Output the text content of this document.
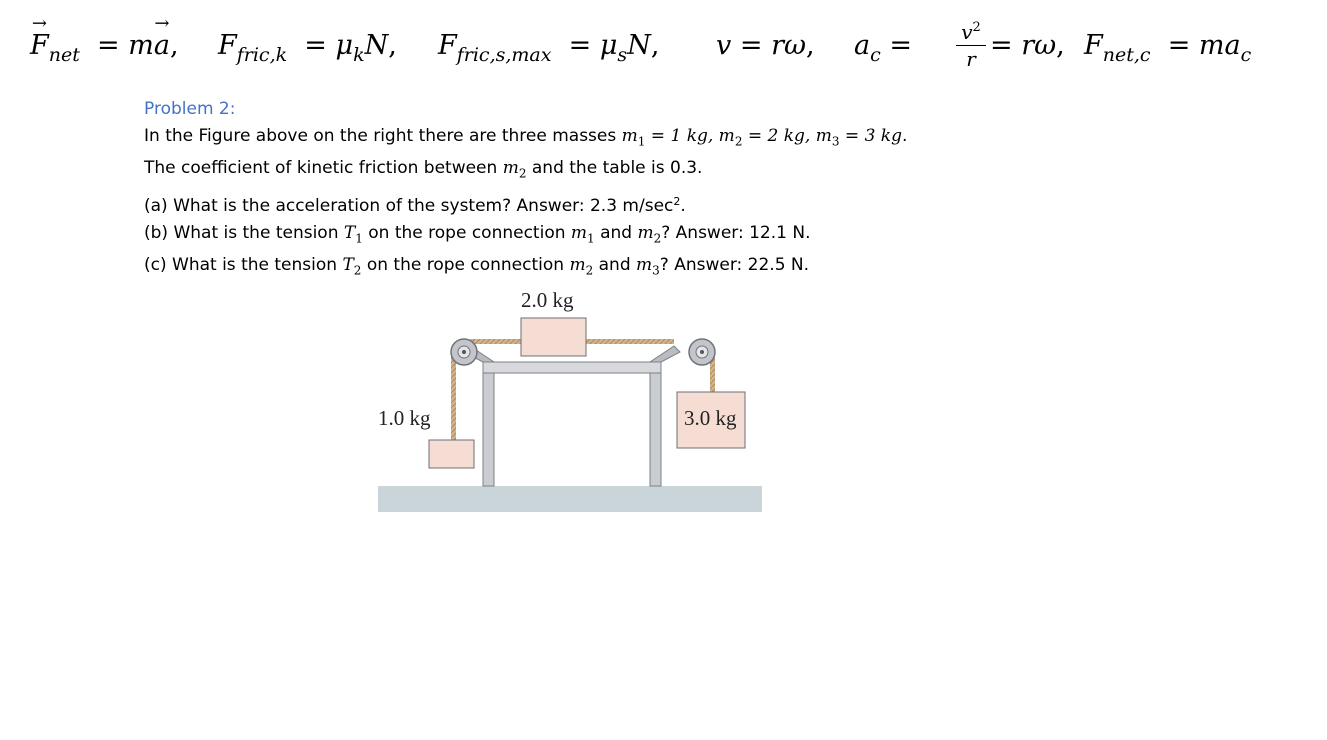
→ $F_{net} = m\to a$, $F_{fric,k} = \mu_kN$, $F_{fric,s,max} = \mu_sN$, v = rω, $a_c = \frac{v^2}{r} = r\omega$, $F_{net,c} = ma_c$
Problem 2:
In the Figure above on the right there are three masses $m_1 = 1$ kg, $m_2 = 2$ kg, $m_3 = 3$ kg.
The coefficient of kinetic friction between $m_2$ and the table is 0.3.
(a) What is the acceleration of the system? Answer: 2.3 $m/\sec^2$.
(b) What is the tension $T_1$ on the rope connection $m_1$ and $m_2$? Answer: 12.1 N.
(c) What is the tension $T_2$ on the rope connection $m_2$ and $m_3$? Answer: 22.5 N.
2.0 kg
1.0 kg	3.0 kg
